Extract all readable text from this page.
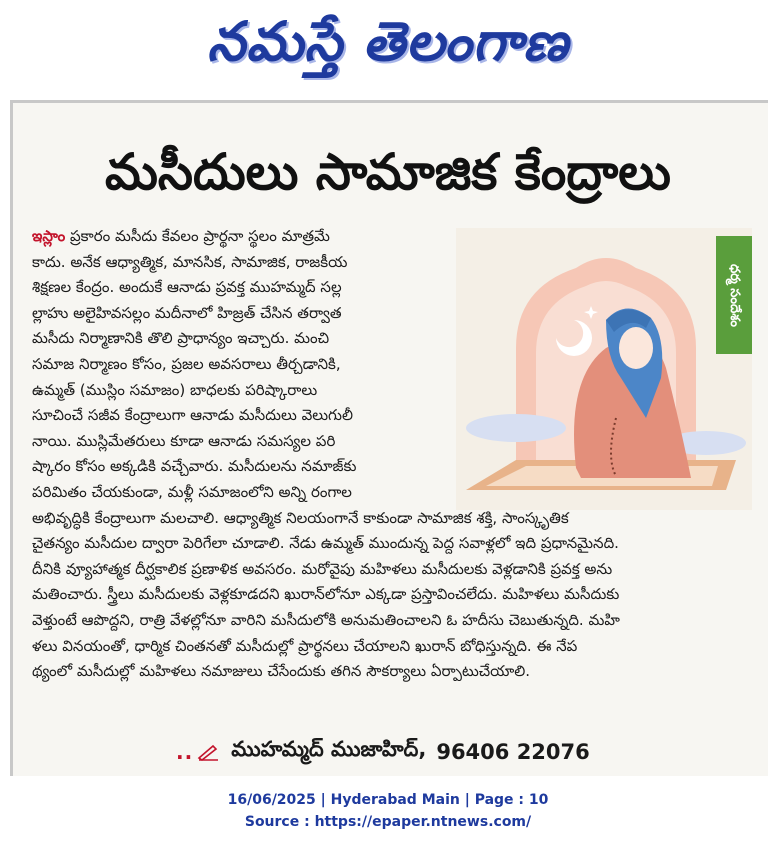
నమస్తే తెలంగాణ
మసీదులు సామాజిక కేంద్రాలు
ధర్మ సందేశం
ఇస్లాం ప్రకారం మసీదు కేవలం ప్రార్థనా స్థలం మాత్రమే
కాదు. అనేక ఆధ్యాత్మిక, మానసిక, సామాజిక, రాజకీయ
శిక్షణల కేంద్రం. అందుకే ఆనాడు ప్రవక్త ముహమ్మద్ సల్ల
ల్లాహు అలైహివసల్లం మదీనాలో హిజ్రత్ చేసిన తర్వాత
మసీదు నిర్మాణానికి తొలి ప్రాధాన్యం ఇచ్చారు. మంచి
సమాజ నిర్మాణం కోసం, ప్రజల అవసరాలు తీర్చడానికి,
ఉమ్మత్ (ముస్లిం సమాజం) బాధలకు పరిష్కారాలు
సూచించే సజీవ కేంద్రాలుగా ఆనాడు మసీదులు వెలుగులీ
నాయి. ముస్లిమేతరులు కూడా ఆనాడు సమస్యల పరి
ష్కారం కోసం అక్కడికి వచ్చేవారు. మసీదులను నమాజ్‌కు
పరిమితం చేయకుండా, మళ్లీ సమాజంలోని అన్ని రంగాల
అభివృద్ధికి కేంద్రాలుగా మలచాలి. ఆధ్యాత్మిక నిలయంగానే కాకుండా సామాజిక శక్తి, సాంస్కృతిక
చైతన్యం మసీదుల ద్వారా పెరిగేలా చూడాలి. నేడు ఉమ్మత్ ముందున్న పెద్ద సవాళ్లలో ఇది ప్రధానమైనది.
దీనికి వ్యూహాత్మక దీర్ఘకాలిక ప్రణాళిక అవసరం. మరోవైపు మహిళలు మసీదులకు వెళ్లడానికి ప్రవక్త అను
మతించారు. స్త్రీలు మసీదులకు వెళ్లకూడదని ఖురాన్‌లోనూ ఎక్కడా ప్రస్తావించలేదు. మహిళలు మసీదుకు
వెళ్తుంటే ఆపొద్దని, రాత్రి వేళల్లోనూ వారిని మసీదులోకి అనుమతించాలని ఓ హదీసు చెబుతున్నది. మహి
ళలు వినయంతో, ధార్మిక చింతనతో మసీదుల్లో ప్రార్థనలు చేయాలని ఖురాన్ బోధిస్తున్నది. ఈ నేప
థ్యంలో మసీదుల్లో మహిళలు నమాజులు చేసేందుకు తగిన సౌకర్యాలు ఏర్పాటుచేయాలి.
.. ముహమ్మద్ ముజాహిద్, 96406 22076
16/06/2025 | Hyderabad Main | Page : 10
Source : https://epaper.ntnews.com/
